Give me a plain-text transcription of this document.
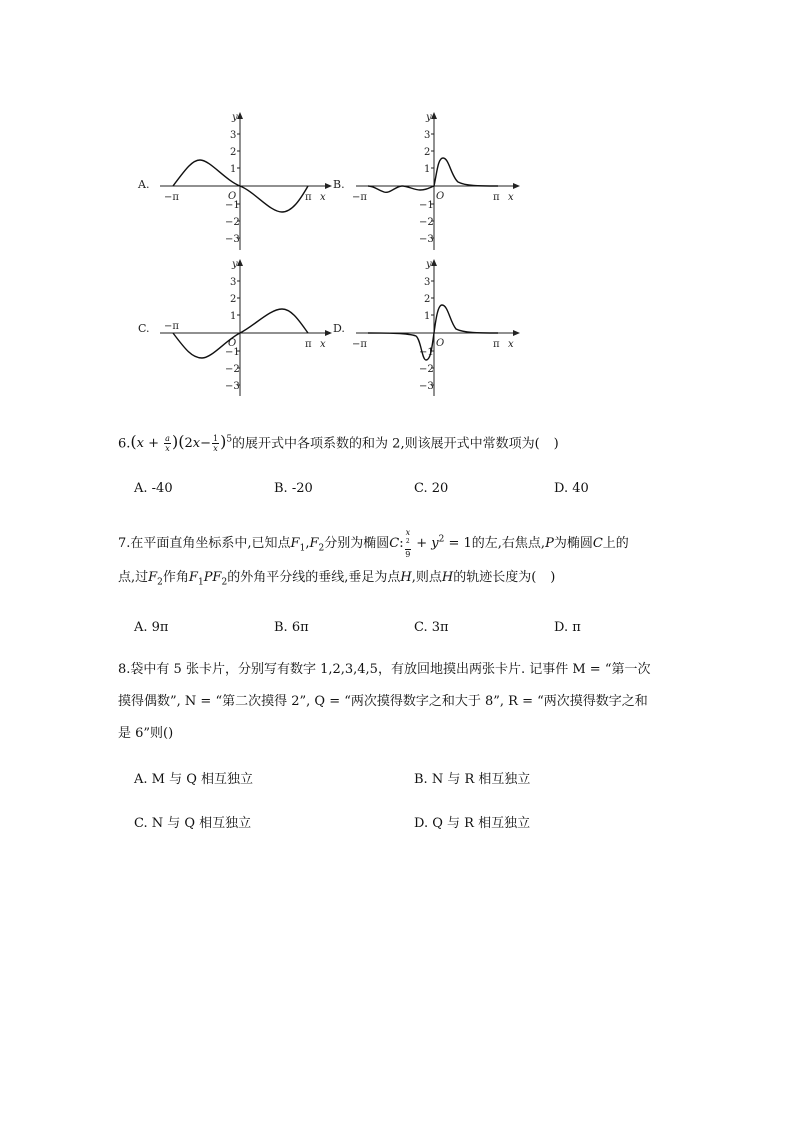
A.
y
x
O
−π	π
3
2
1
−1
−2
−3
B.
y
x
O
−π	π
3
2
1
−1
−2
−3
C.
y
x
O
−π
π
3
2
1
−1
−2
−3
D.
y
x
O
−π	π
3
2
1
−1
−2
−3
$6.(x + \frac{a}{x} )(2x- \frac{1}{x} )^5$的展开式中各项系数的和为 2,则该展开式中常数项为( )
A. -40	B. -20	C. 20	D. 40
7.在平面直角坐标系中,已知点$F_1,F_2$分别为椭圆C: x
$^2$
$9 + y^2 = 1$的左,右焦点,P为椭圆C上的
点,过$F_2$作角$F_1PF_2$的外角平分线的垂线,垂足为点H,则点H的轨迹长度为( )
A. 9π	B. 6π	C. 3π	D. π
8.袋中有 5 张卡片，分别写有数字 1,2,3,4,5，有放回地摸出两张卡片. 记事件 M = “第一次
摸得偶数”, N = “第二次摸得 2”, Q = “两次摸得数字之和大于 8”, R = “两次摸得数字之和
是 6”则()
A. M 与 Q 相互独立	B. N 与 R 相互独立
C. N 与 Q 相互独立	D. Q 与 R 相互独立
